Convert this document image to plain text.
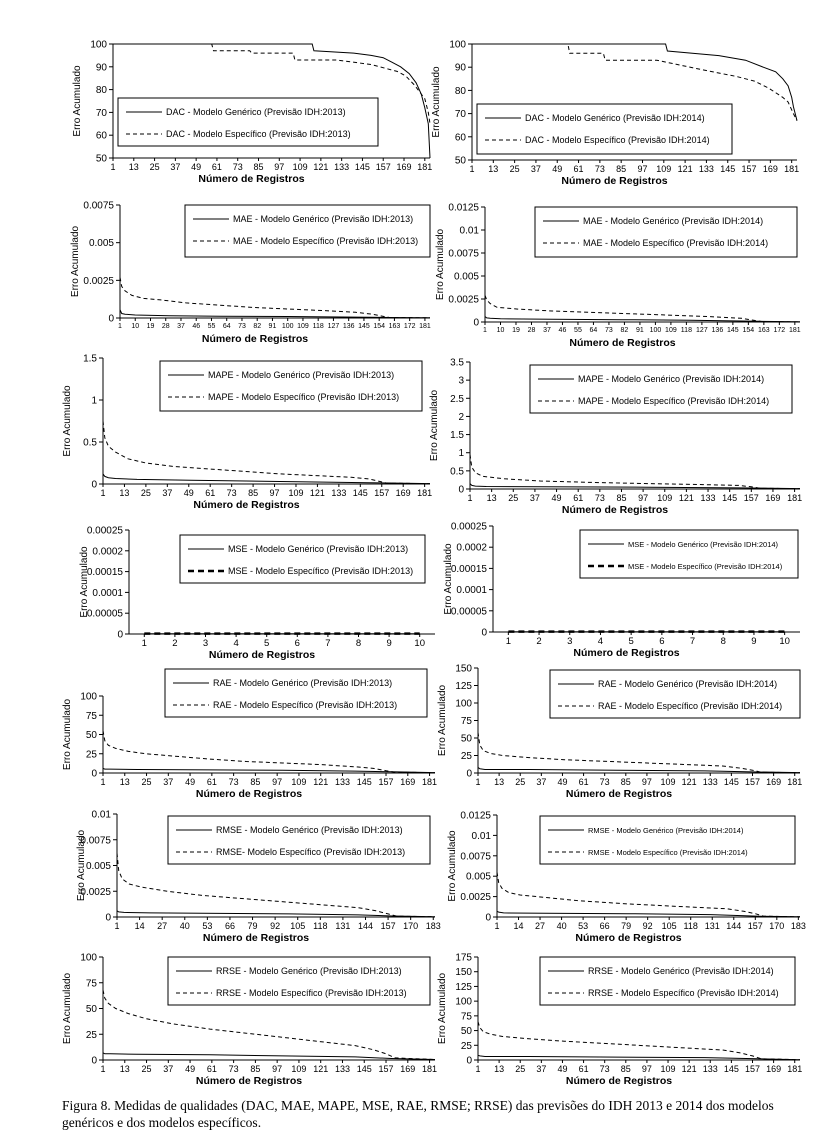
100
90
80
70
60
50
1 13 25 37 49 61 73 85 97 109 121 133 145 157 169 181
Número de Registros
Erro Acumulado	DAC - Modelo Genérico (Previsão IDH:2013)
DAC - Modelo Específico (Previsão IDH:2013)
100
90
80
70
60
50
1 13 25 37 49 61 73 85 97 109 121 133 145 157 169 181
Número de Registros
Erro Acumulado	DAC - Modelo Genérico (Previsão IDH:2014)
DAC - Modelo Específico (Previsão IDH:2014)
0.0075
0.005
0.0025
0
1 10 19 28 37 46 55 64 73 82 91 100 109 118 127 136 145 154 163 172 181
Número de Registros
Erro Acumulado
MAE - Modelo Genérico (Previsão IDH:2013)
MAE - Modelo Específico (Previsão IDH:2013)
0.0125
0.01
0.0075
0.005
0.0025
0
1 10 19 28 37 46 55 64 73 82 91 100 109 118 127 136 145 154 163 172 181
Número de Registros
Erro Acumulado
MAE - Modelo Genérico (Previsão IDH:2014)
MAE - Modelo Específico (Previsão IDH:2014)
1.5
1
0.5
0
1 13 25 37 49 61 73 85 97 109 121 133 145 157 169 181
Número de Registros
Erro Acumulado
MAPE - Modelo Genérico (Previsão IDH:2013)
MAPE - Modelo Específico (Previsão IDH:2013)
3.5
3
2.5
2
1.5
1
0.5
0
1 13 25 37 49 61 73 85 97 109 121 133 145 157 169 181
Número de Registros
Erro Acumulado
MAPE - Modelo Genérico (Previsão IDH:2014)
MAPE - Modelo Específico (Previsão IDH:2014)
0.00025
0.0002
0.00015
0.0001
0.00005
0
1	2	3	4	5	6	7	8	9 10
Número de Registros
Erro Acumulado	MSE - Modelo Genérico (Previsão IDH:2013)
MSE - Modelo Específico (Previsão IDH:2013)
0.00025
0.0002
0.00015
0.0001
0.00005
0
1	2	3	4	5	6	7	8	9 10
Número de Registros
Erro Acumulado	MSE - Modelo Genérico (Previsão IDH:2014)
MSE - Modelo Específico (Previsão IDH:2014)
100
75
50
25
0
1 13 25 37 49 61 73 85 97 109 121 133 145 157 169 181
Número de Registros
Erro Acumulado
RAE - Modelo Genérico (Previsão IDH:2013)
RAE - Modelo Específico (Previsão IDH:2013)
150
125
100
75
50
25
0
1 13 25 37 49 61 73 85 97 109 121 133 145 157 169 181
Número de Registros
Erro Acumulado
RAE - Modelo Genérico (Previsão IDH:2014)
RAE - Modelo Específico (Previsão IDH:2014)
0.01
0.0075
0.005
0.0025
0
1 14 27 40 53 66 79 92 105 118 131 144 157 170 183
Número de Registros
Erro Acumulado	RMSE - Modelo Genérico (Previsão IDH:2013)
RMSE- Modelo Específico (Previsão IDH:2013)
0.0125
0.01
0.0075
0.005
0.0025
0
1 14 27 40 53 66 79 92 105 118 131 144 157 170 183
Número de Registros
Erro Acumulado	RMSE - Modelo Genérico (Previsão IDH:2014)
RMSE - Modelo Específico (Previsão IDH:2014)
100
75
50
25
0
1 13 25 37 49 61 73 85 97 109 121 133 145 157 169 181
Número de Registros
Erro Acumulado
RRSE - Modelo Genérico (Previsão IDH:2013)
RRSE - Modelo Específico (Previsão IDH:2013)
175
150
125
100
75
50
25
0
1 13 25 37 49 61 73 85 97 109 121 133 145 157 169 181
Número de Registros
Erro Acumulado
RRSE - Modelo Genérico (Previsão IDH:2014)
RRSE - Modelo Específico (Previsão IDH:2014)
Figura 8. Medidas de qualidades (DAC, MAE, MAPE, MSE, RAE, RMSE; RRSE) das previsões do IDH 2013 e 2014 dos modelos genéricos e dos modelos específicos.
